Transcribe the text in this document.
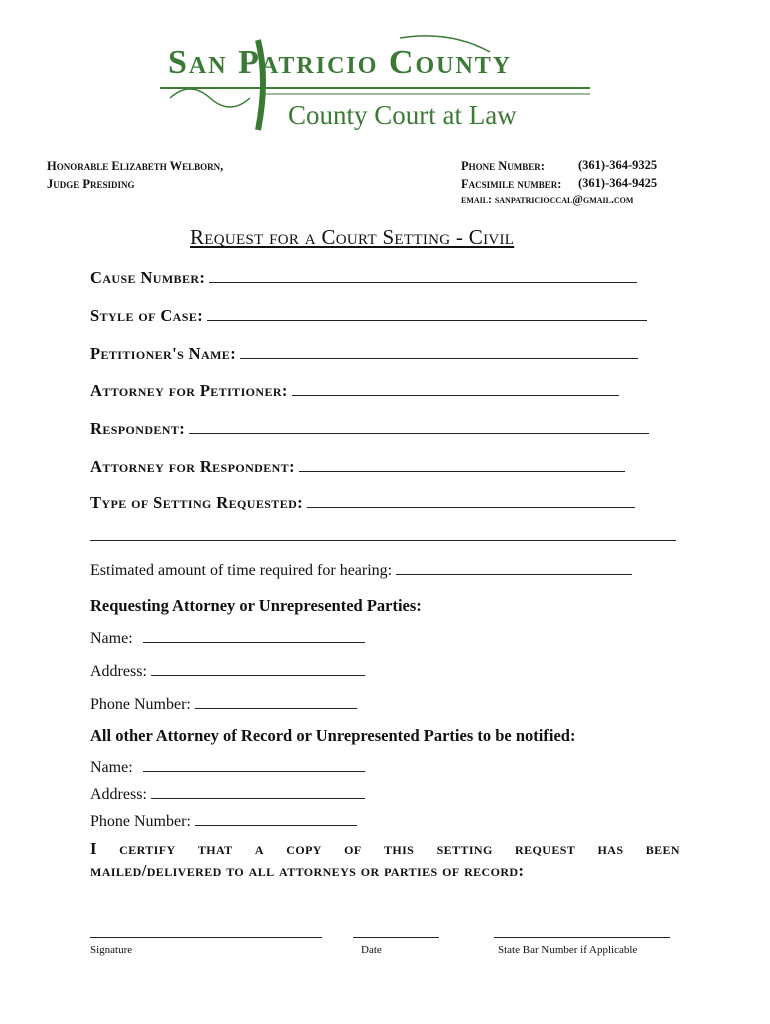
San Patricio County
County Court at Law
Honorable Elizabeth Welborn,
Judge Presiding
Phone Number:	(361)-364-9325
Facsimile number: (361)-364-9425
email: sanpatricioccal@gmail.com
Request for a Court Setting - Civil
Cause Number:
Style of Case:
Petitioner's Name:
Attorney for Petitioner:
Respondent:
Attorney for Respondent:
Type of Setting Requested:
Estimated amount of time required for hearing:
Requesting Attorney or Unrepresented Parties:
Name:
Address:
Phone Number:
All other Attorney of Record or Unrepresented Parties to be notified:
Name:
Address:
Phone Number:
I certify that a copy of this setting request has been
mailed/delivered to all attorneys or parties of record:
Signature	Date	State Bar Number if Applicable
